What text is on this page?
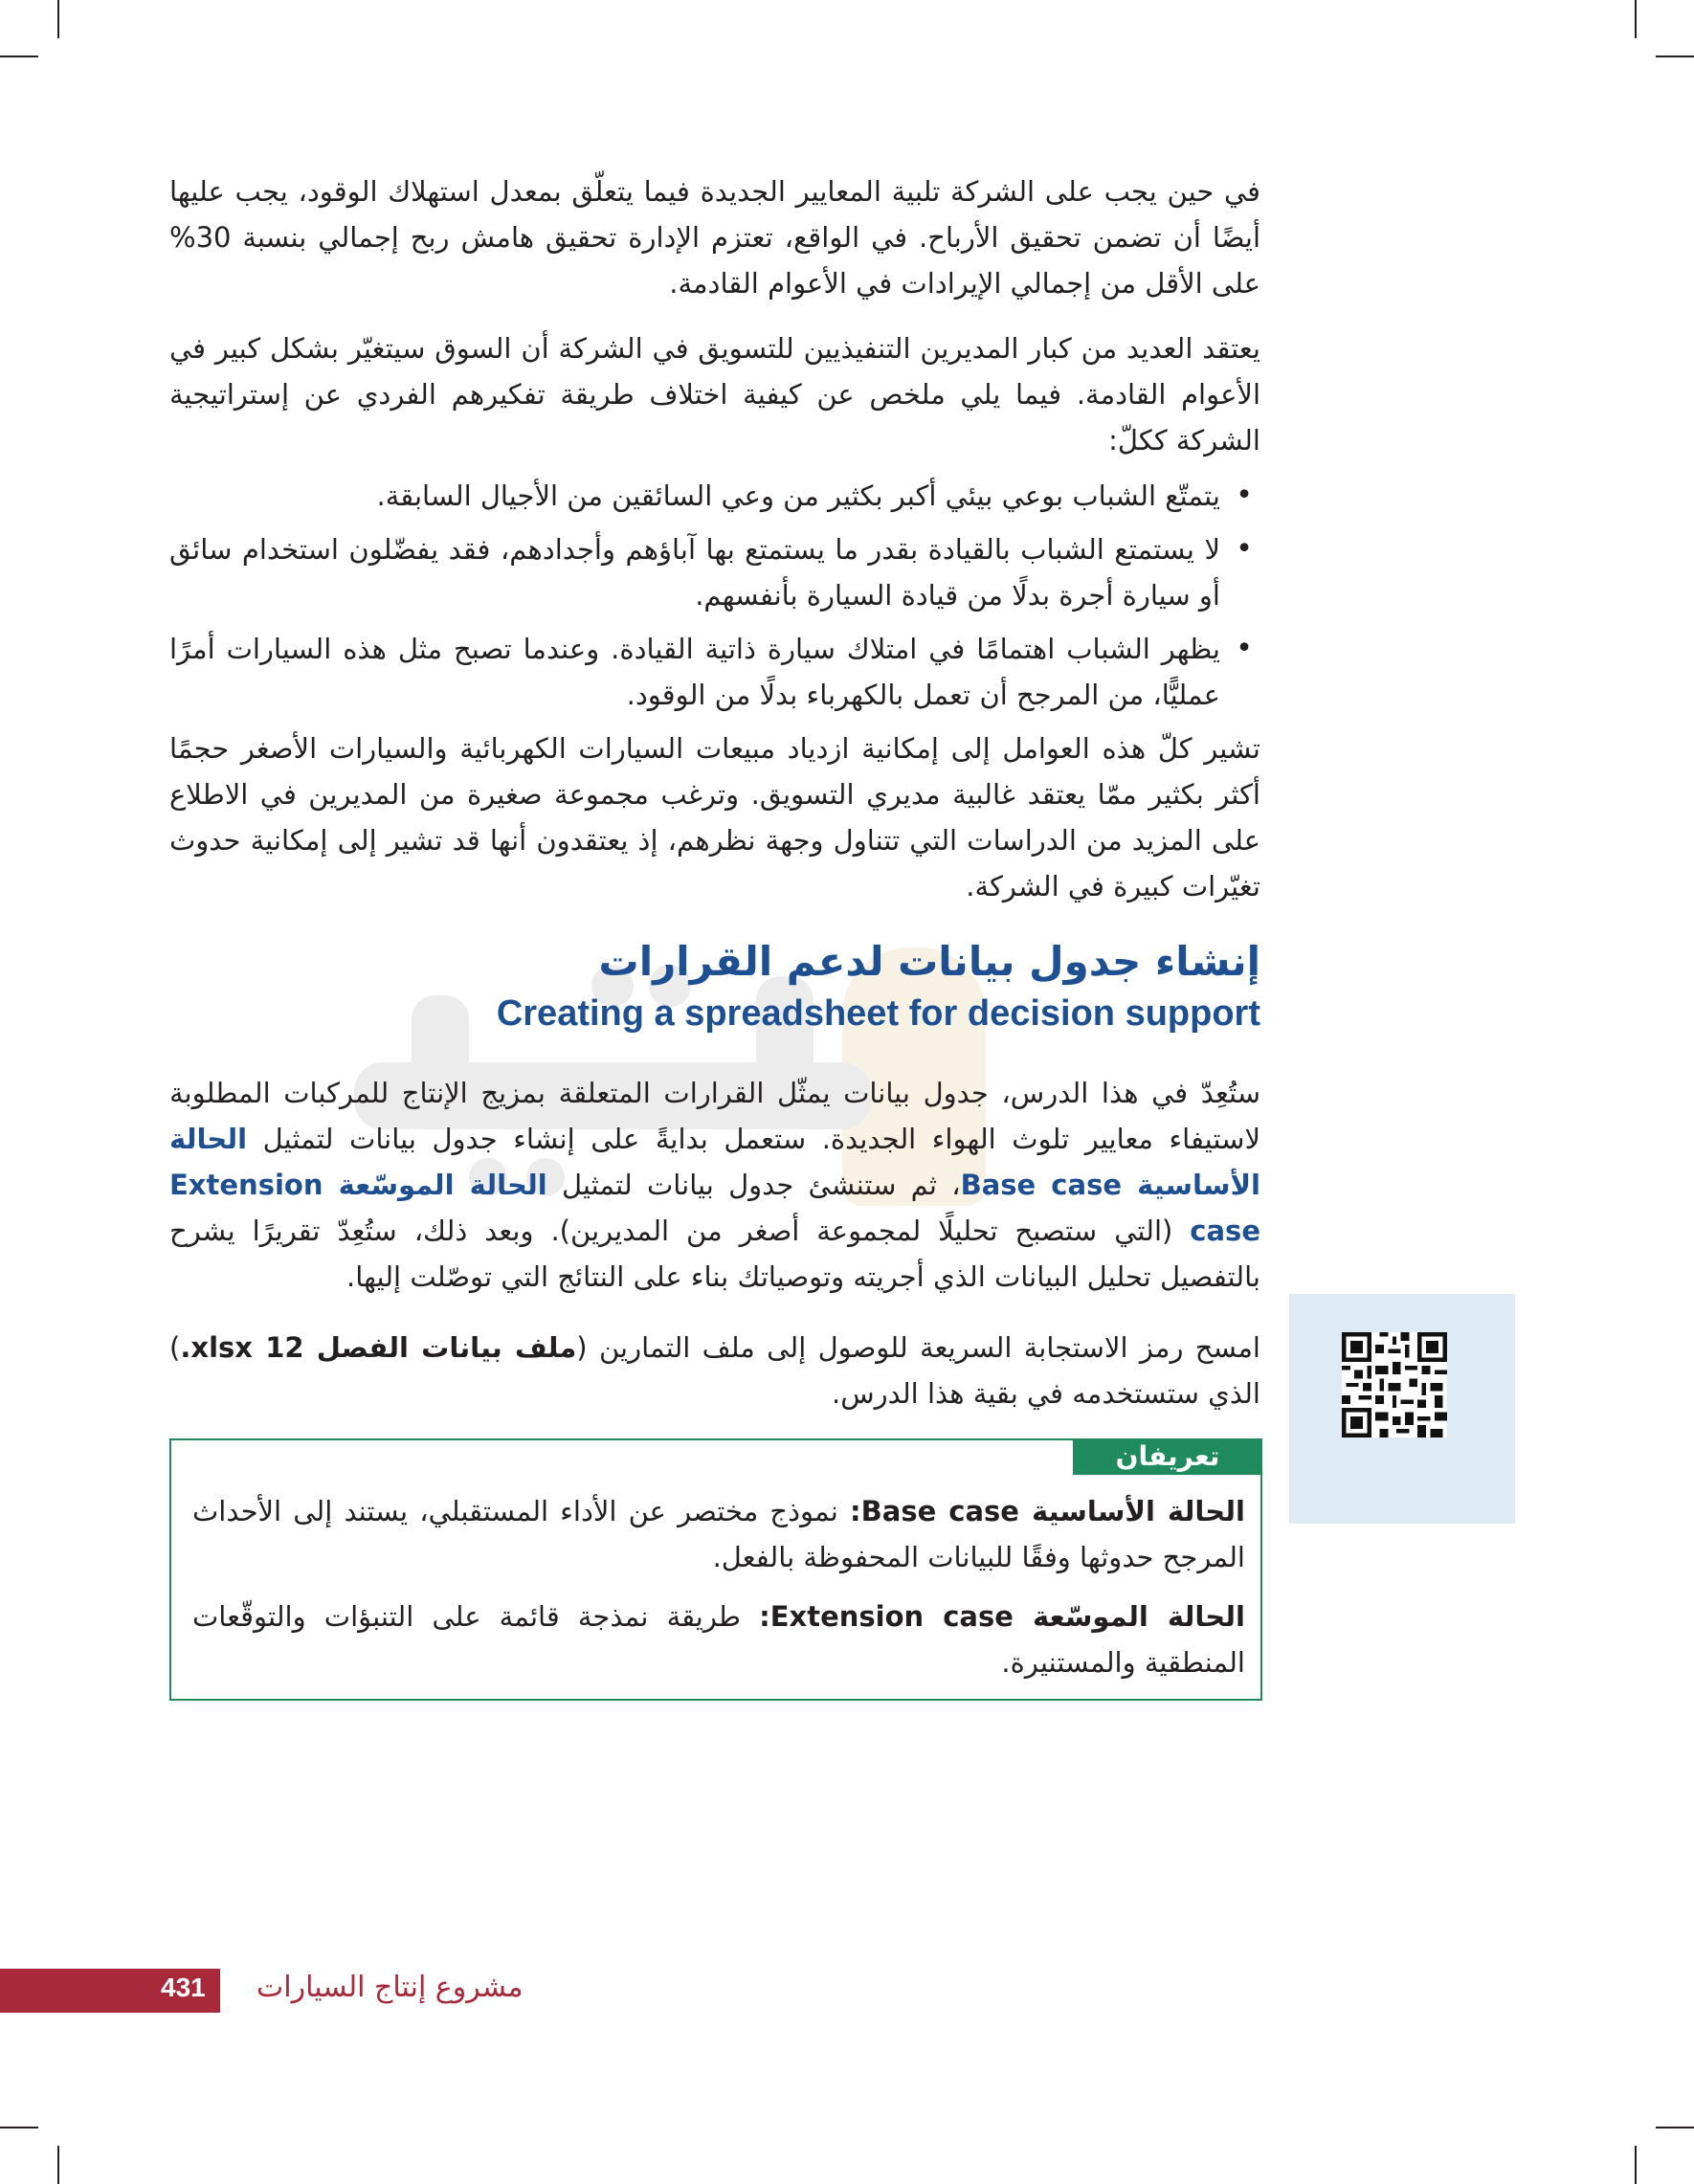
في حين يجب على الشركة تلبية المعايير الجديدة فيما يتعلّق بمعدل استهلاك الوقود، يجب عليها أيضًا أن تضمن تحقيق الأرباح. في الواقع، تعتزم الإدارة تحقيق هامش ربح إجمالي بنسبة 30% على الأقل من إجمالي الإيرادات في الأعوام القادمة.

يعتقد العديد من كبار المديرين التنفيذيين للتسويق في الشركة أن السوق سيتغيّر بشكل كبير في الأعوام القادمة. فيما يلي ملخص عن كيفية اختلاف طريقة تفكيرهم الفردي عن إستراتيجية الشركة ككلّ:

• يتمتّع الشباب بوعي بيئي أكبر بكثير من وعي السائقين من الأجيال السابقة.
• لا يستمتع الشباب بالقيادة بقدر ما يستمتع بها آباؤهم وأجدادهم، فقد يفضّلون استخدام سائق أو سيارة أجرة بدلًا من قيادة السيارة بأنفسهم.
• يظهر الشباب اهتمامًا في امتلاك سيارة ذاتية القيادة. وعندما تصبح مثل هذه السيارات أمرًا عمليًّا، من المرجح أن تعمل بالكهرباء بدلًا من الوقود.

تشير كلّ هذه العوامل إلى إمكانية ازدياد مبيعات السيارات الكهربائية والسيارات الأصغر حجمًا أكثر بكثير ممّا يعتقد غالبية مديري التسويق. وترغب مجموعة صغيرة من المديرين في الاطلاع على المزيد من الدراسات التي تتناول وجهة نظرهم، إذ يعتقدون أنها قد تشير إلى إمكانية حدوث تغيّرات كبيرة في الشركة.

إنشاء جدول بيانات لدعم القرارات
Creating a spreadsheet for decision support

ستُعِدّ في هذا الدرس، جدول بيانات يمثّل القرارات المتعلقة بمزيج الإنتاج للمركبات المطلوبة لاستيفاء معايير تلوث الهواء الجديدة. ستعمل بدايةً على إنشاء جدول بيانات لتمثيل الحالة الأساسية Base case، ثم ستنشئ جدول بيانات لتمثيل الحالة الموسّعة Extension case (التي ستصبح تحليلًا لمجموعة أصغر من المديرين). وبعد ذلك، ستُعِدّ تقريرًا يشرح بالتفصيل تحليل البيانات الذي أجريته وتوصياتك بناء على النتائج التي توصّلت إليها.

امسح رمز الاستجابة السريعة للوصول إلى ملف التمارين (ملف بيانات الفصل 12 xlsx.) الذي ستستخدمه في بقية هذا الدرس.

تعريفان

الحالة الأساسية Base case: نموذج مختصر عن الأداء المستقبلي، يستند إلى الأحداث المرجح حدوثها وفقًا للبيانات المحفوظة بالفعل.

الحالة الموسّعة Extension case: طريقة نمذجة قائمة على التنبؤات والتوقّعات المنطقية والمستنيرة.

431 مشروع إنتاج السيارات
